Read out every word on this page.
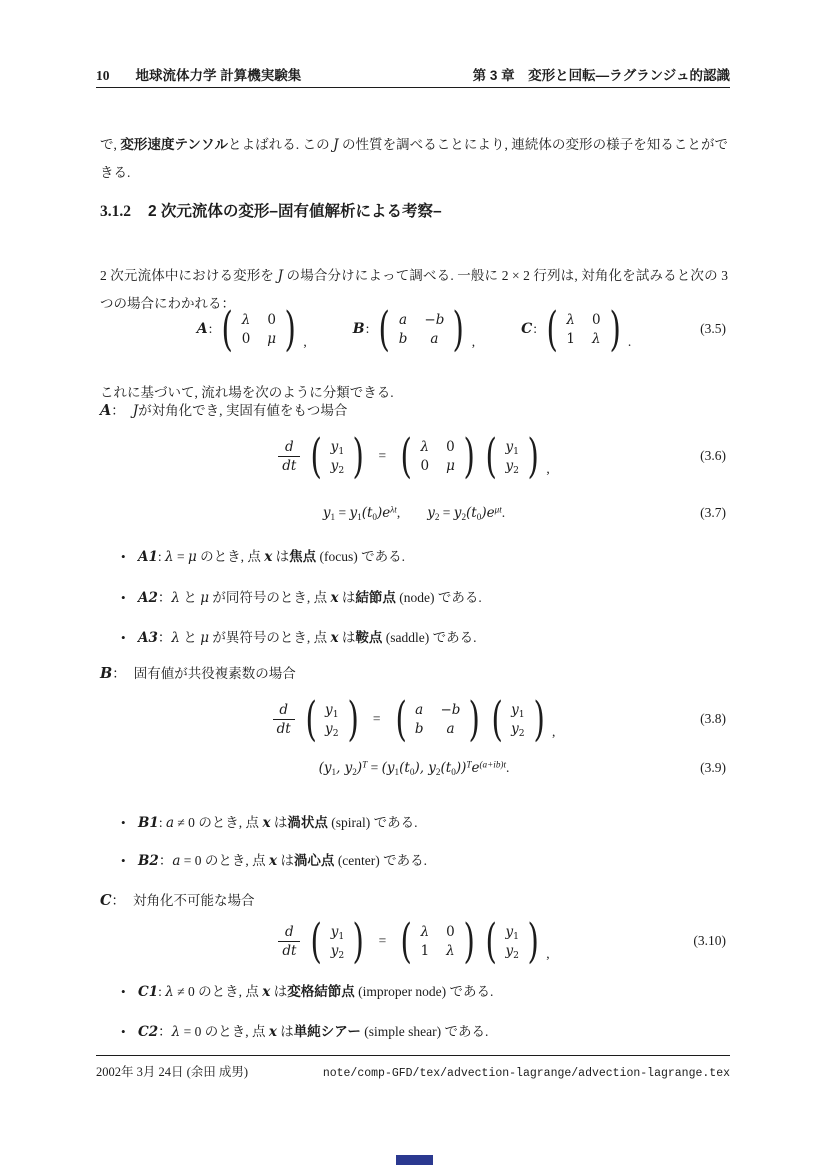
10 地球流体力学 計算機実験集	第 3 章　変形と回転—ラグランジュ的認識

で, 変形速度テンソルとよばれる. この J の性質を調べることにより, 連続体の変形の様子を知ることができる.

3.1.2 2 次元流体の変形–固有値解析による考察–

2 次元流体中における変形を J の場合分けによって調べる. 一般に 2 × 2 行列は, 対角化を試みると次の 3 つの場合にわかれる：

A : ( λ 0
0 μ ) ,
B : ( a −b
b a ) ,
C : ( λ 0
1 λ ) .
(3.5)

これに基づいて, 流れ場を次のように分類できる.

A： Jが対角化でき, 実固有値をもつ場合
$\frac{d}{dt}$ ( $y_1$
$y_2$ ) = ( λ 0
0 μ ) ( $y_1$
$y_2$ ) ,
(3.6)
$y_1 = y_1(t_0)e^{\lambda t}$,   $y_2 = y_2(t_0)e^{\mu t}$.	(3.7)
• A1: λ = μ のとき, 点 x は焦点 (focus) である.
• A2：λ と μ が同符号のとき, 点 x は結節点 (node) である.
• A3：λ と μ が異符号のとき, 点 x は鞍点 (saddle) である.
B： 固有値が共役複素数の場合
$\frac{d}{dt}$ ( $y_1$
$y_2$ ) = ( a −b
b a ) ( $y_1$
$y_2$ ) ,
(3.8)
($y_1$, $y_2)^T = (y_1(t_0)$, $y_2(t_0))^Te^{(a+ib)t}$.	(3.9)
• B1: a ≠ 0 のとき, 点 x は渦状点 (spiral) である.
• B2：a = 0 のとき, 点 x は渦心点 (center) である.
C： 対角化不可能な場合
$\frac{d}{dt}$ ( $y_1$
$y_2$ ) = ( λ 0
1 λ ) ( $y_1$
$y_2$ ) ,
(3.10)
• C1: λ ≠ 0 のとき, 点 x は変格結節点 (improper node) である.
• C2：λ = 0 のとき, 点 x は単純シアー (simple shear) である.
2002年 3月 24日 (余田 成男)	note/comp-GFD/tex/advection-lagrange/advection-lagrange.tex
